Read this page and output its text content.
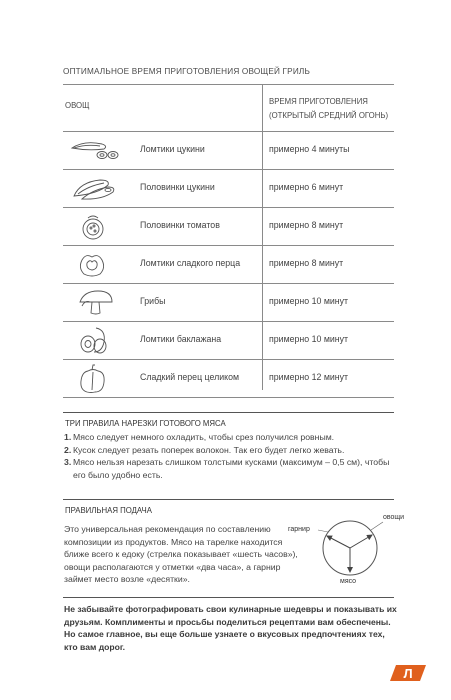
ОПТИМАЛЬНОЕ ВРЕМЯ ПРИГОТОВЛЕНИЯ ОВОЩЕЙ ГРИЛЬ
ОВОЩ	ВРЕМЯ ПРИГОТОВЛЕНИЯ
(ОТКРЫТЫЙ СРЕДНИЙ ОГОНЬ)
Ломтики цукини	примерно 4 минуты
Половинки цукини	примерно 6 минут
Половинки томатов	примерно 8 минут
Ломтики сладкого перца	примерно 8 минут
Грибы	примерно 10 минут
Ломтики баклажана	примерно 10 минут
Сладкий перец целиком	примерно 12 минут
ТРИ ПРАВИЛА НАРЕЗКИ ГОТОВОГО МЯСА
1. Мясо следует немного охладить, чтобы срез получился ровным.
2. Кусок следует резать поперек волокон. Так его будет легко жевать.
3. Мясо нельзя нарезать слишком толстыми кусками (максимум – 0,5 см), чтобы его было удобно есть.
ПРАВИЛЬНАЯ ПОДАЧА
Это универсальная рекомендация по составлению композиции из продуктов. Мясо на тарелке находится ближе всего к едоку (стрелка показывает «шесть часов»), овощи располагаются у отметки «два часа», а гарнир займет место возле «десятки».
гарнир
овощи
мясо
Не забывайте фотографировать свои кулинарные шедевры и показывать их друзьям. Комплименты и просьбы поделиться рецептами вам обеспечены. Но самое главное, вы еще больше узнаете о вкусовых предпочтениях тех, кто вам дорог.
Л
